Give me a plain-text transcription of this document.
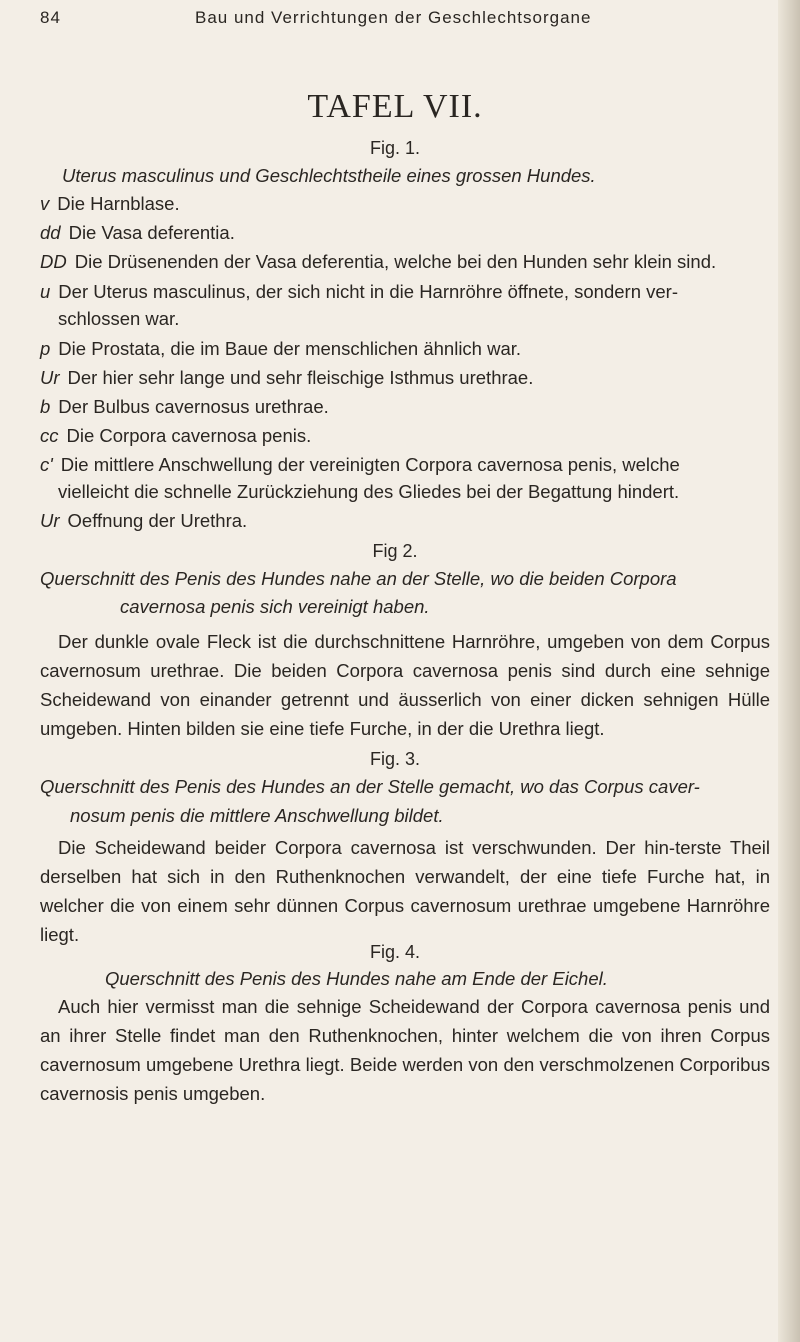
84	Bau und Verrichtungen der Geschlechtsorgane
TAFEL VII.
Fig. 1.
Uterus masculinus und Geschlechtstheile eines grossen Hundes.
v Die Harnblase.
dd Die Vasa deferentia.
DD Die Drüsenenden der Vasa deferentia, welche bei den Hunden sehr klein sind.
u Der Uterus masculinus, der sich nicht in die Harnröhre öffnete, sondern ver-
schlossen war.
p Die Prostata, die im Baue der menschlichen ähnlich war.
Ur Der hier sehr lange und sehr fleischige Isthmus urethrae.
b Der Bulbus cavernosus urethrae.
cc Die Corpora cavernosa penis.
c' Die mittlere Anschwellung der vereinigten Corpora cavernosa penis, welche
vielleicht die schnelle Zurückziehung des Gliedes bei der Begattung hindert.
Ur Oeffnung der Urethra.
Fig 2.
Querschnitt des Penis des Hundes nahe an der Stelle, wo die beiden Corpora
cavernosa penis sich vereinigt haben.
Der dunkle ovale Fleck ist die durchschnittene Harnröhre, umgeben von dem Corpus cavernosum urethrae. Die beiden Corpora cavernosa penis sind durch eine sehnige Scheidewand von einander getrennt und äusserlich von einer dicken sehnigen Hülle umgeben. Hinten bilden sie eine tiefe Furche, in der die Urethra liegt.
Fig. 3.
Querschnitt des Penis des Hundes an der Stelle gemacht, wo das Corpus caver-
nosum penis die mittlere Anschwellung bildet.
Die Scheidewand beider Corpora cavernosa ist verschwunden. Der hin-terste Theil derselben hat sich in den Ruthenknochen verwandelt, der eine tiefe Furche hat, in welcher die von einem sehr dünnen Corpus cavernosum urethrae umgebene Harnröhre liegt.
Fig. 4.
Querschnitt des Penis des Hundes nahe am Ende der Eichel.
Auch hier vermisst man die sehnige Scheidewand der Corpora cavernosa penis und an ihrer Stelle findet man den Ruthenknochen, hinter welchem die von ihren Corpus cavernosum umgebene Urethra liegt. Beide werden von den verschmolzenen Corporibus cavernosis penis umgeben.
